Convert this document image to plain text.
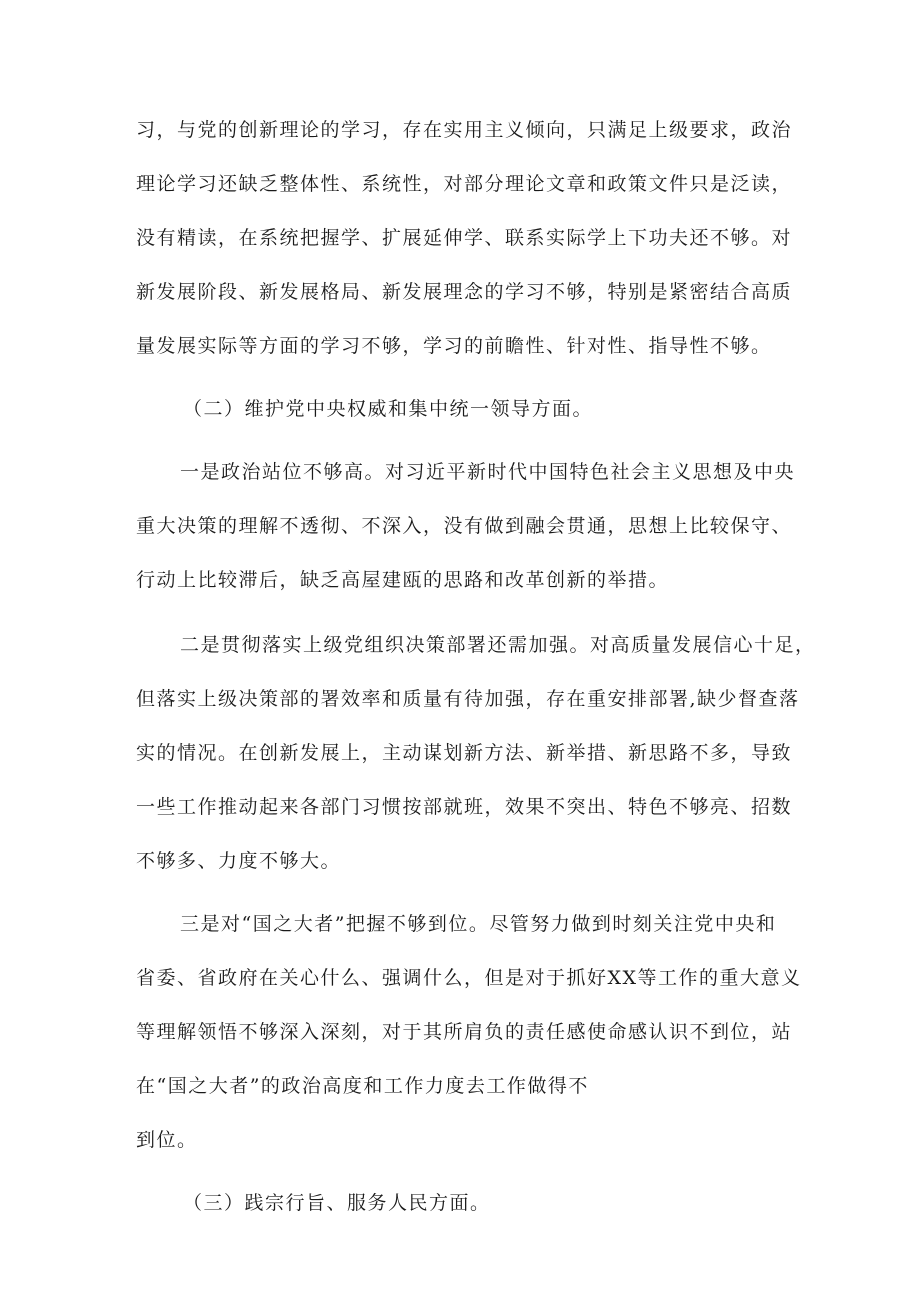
习，与党的创新理论的学习，存在实用主义倾向，只满足上级要求，政治
理论学习还缺乏整体性、系统性，对部分理论文章和政策文件只是泛读，
没有精读，在系统把握学、扩展延伸学、联系实际学上下功夫还不够。对
新发展阶段、新发展格局、新发展理念的学习不够，特别是紧密结合高质
量发展实际等方面的学习不够，学习的前瞻性、针对性、指导性不够。
（二）维护党中央权威和集中统一领导方面。
一是政治站位不够高。对习近平新时代中国特色社会主义思想及中央
重大决策的理解不透彻、不深入，没有做到融会贯通，思想上比较保守、
行动上比较滞后，缺乏高屋建瓯的思路和改革创新的举措。
二是贯彻落实上级党组织决策部署还需加强。对高质量发展信心十足，
但落实上级决策部的署效率和质量有待加强，存在重安排部署,缺少督查落
实的情况。在创新发展上，主动谋划新方法、新举措、新思路不多，导致
一些工作推动起来各部门习惯按部就班，效果不突出、特色不够亮、招数
不够多、力度不够大。
三是对“国之大者”把握不够到位。尽管努力做到时刻关注党中央和
省委、省政府在关心什么、强调什么，但是对于抓好XX等工作的重大意义
等理解领悟不够深入深刻，对于其所肩负的责任感使命感认识不到位，站
在“国之大者”的政治高度和工作力度去工作做得不
到位。
（三）践宗行旨、服务人民方面。
